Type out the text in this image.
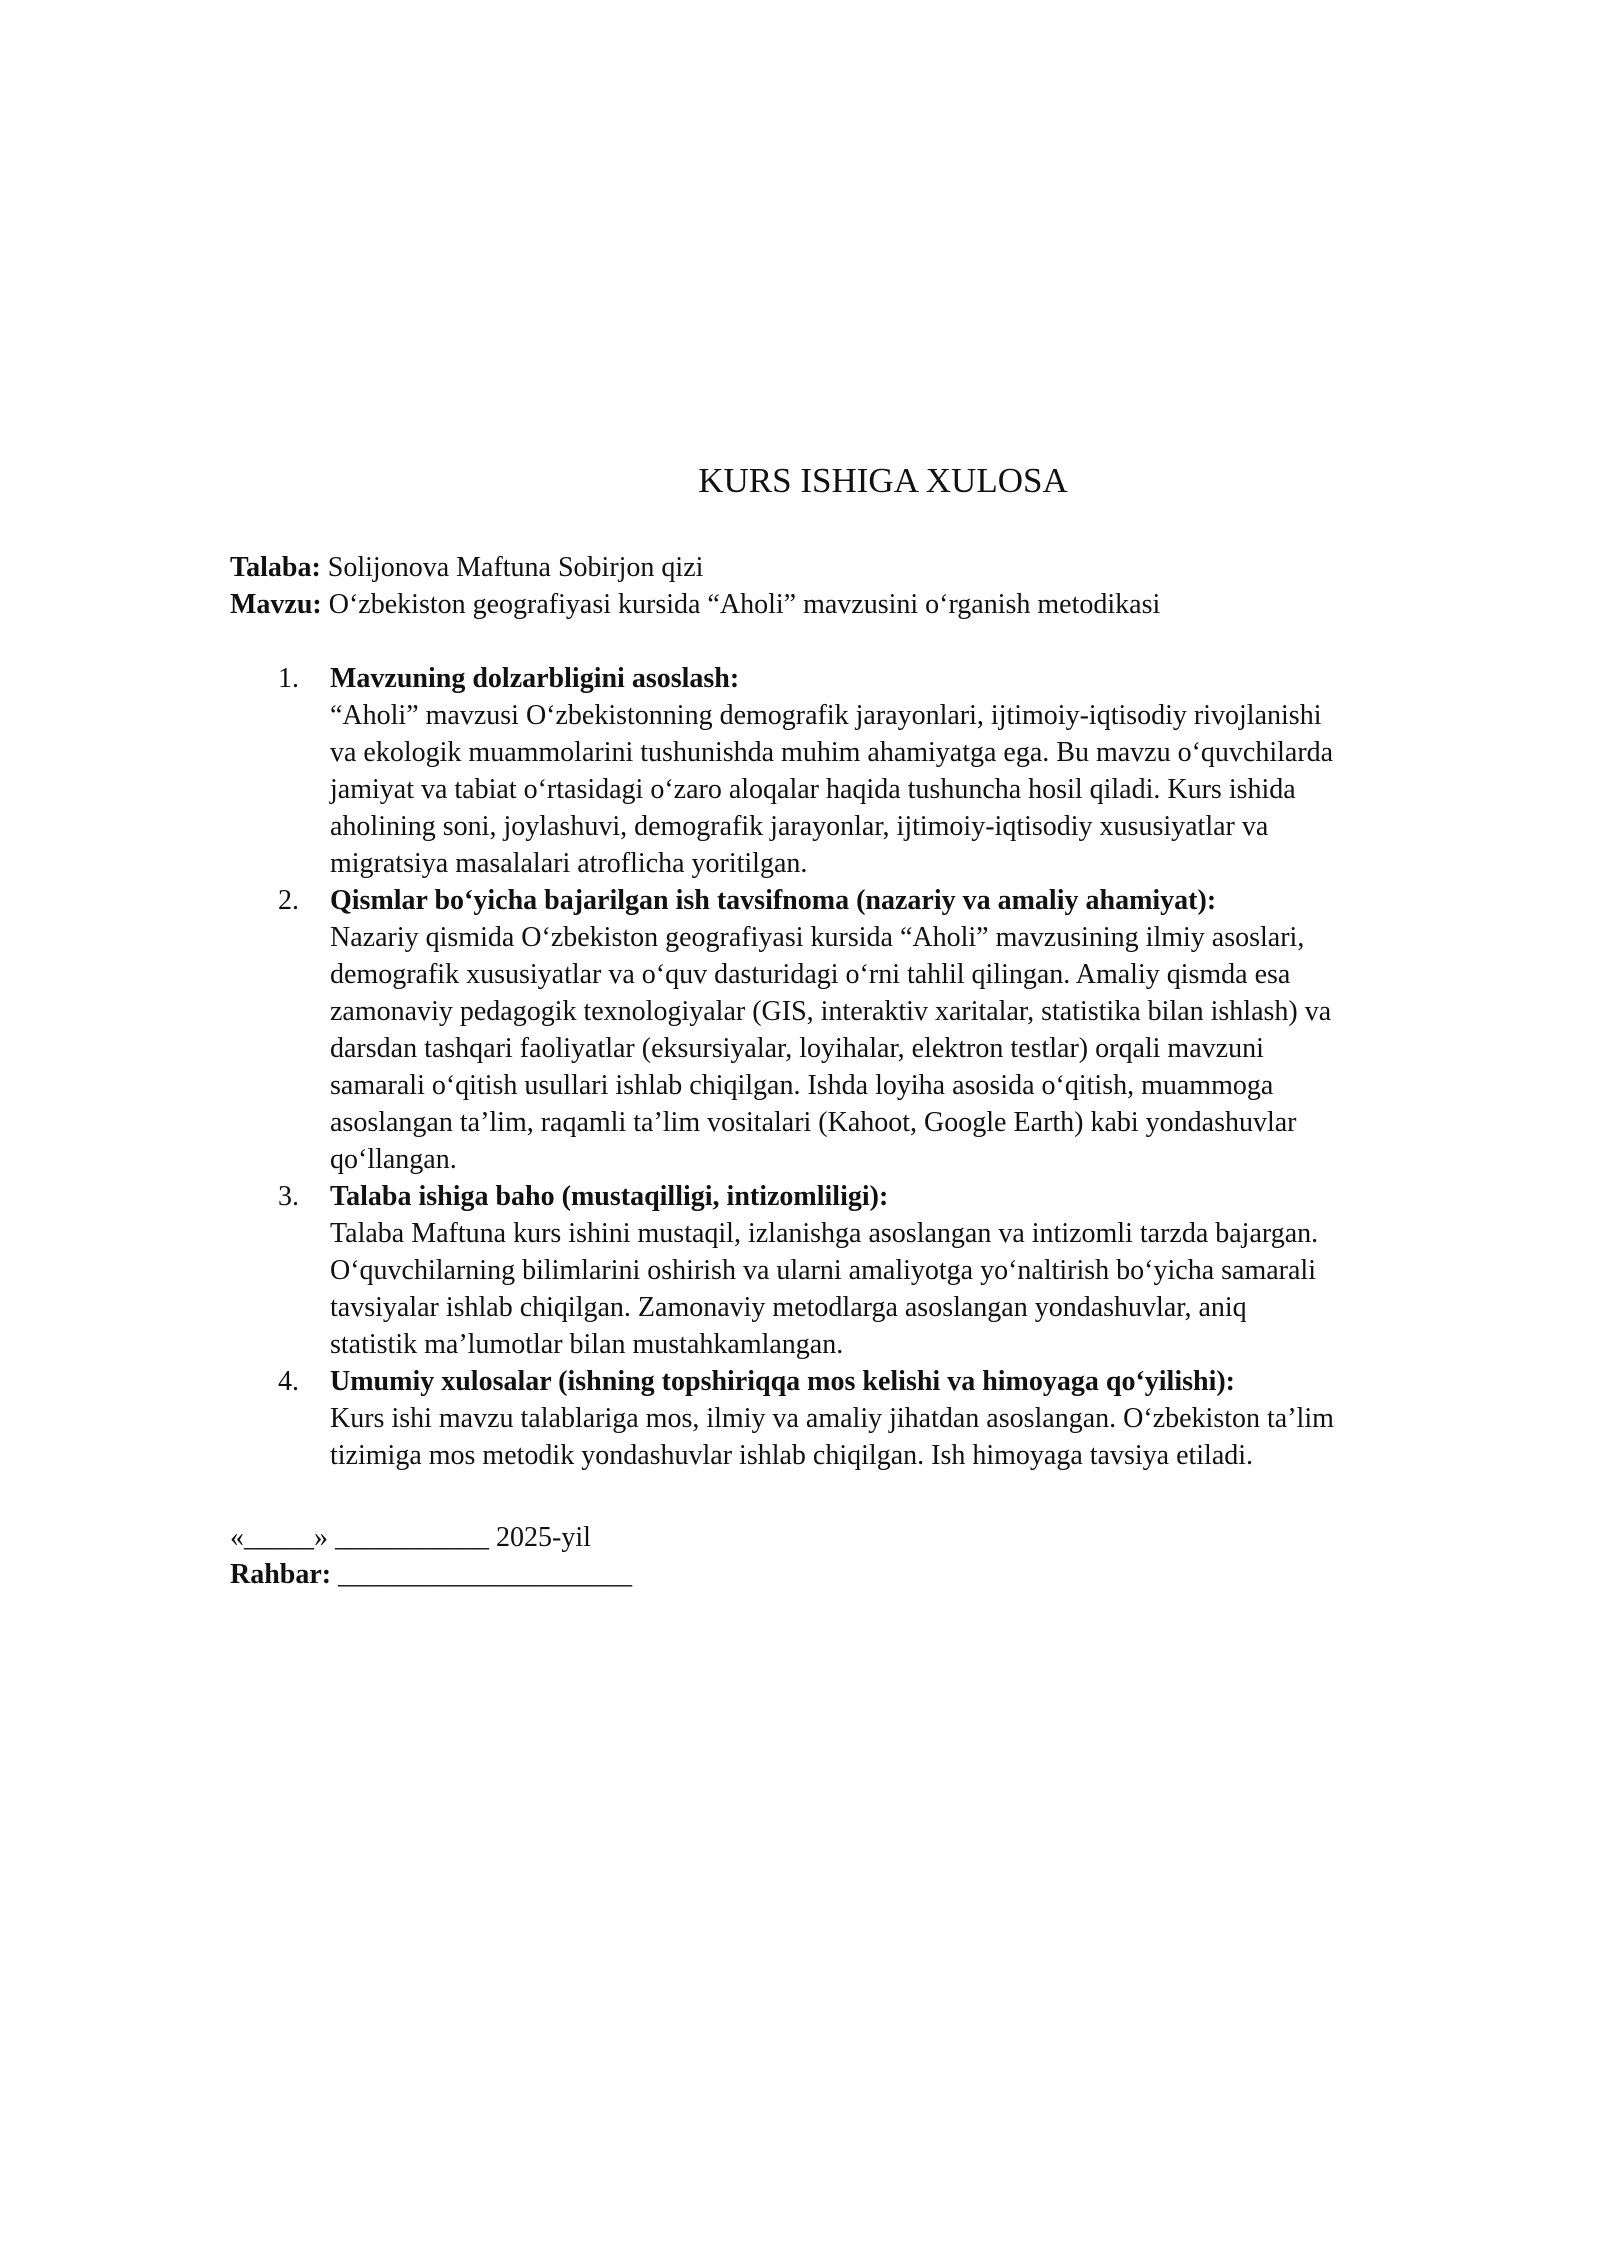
KURS ISHIGA XULOSA
Talaba: Solijonova Maftuna Sobirjon qizi
Mavzu: O‘zbekiston geografiyasi kursida “Aholi” mavzusini o‘rganish metodikasi
1. Mavzuning dolzarbligini asoslash:
“Aholi” mavzusi O‘zbekistonning demografik jarayonlari, ijtimoiy-iqtisodiy rivojlanishi
va ekologik muammolarini tushunishda muhim ahamiyatga ega. Bu mavzu o‘quvchilarda
jamiyat va tabiat o‘rtasidagi o‘zaro aloqalar haqida tushuncha hosil qiladi. Kurs ishida
aholining soni, joylashuvi, demografik jarayonlar, ijtimoiy-iqtisodiy xususiyatlar va
migratsiya masalalari atroflicha yoritilgan.
2. Qismlar bo‘yicha bajarilgan ish tavsifnoma (nazariy va amaliy ahamiyat):
Nazariy qismida O‘zbekiston geografiyasi kursida “Aholi” mavzusining ilmiy asoslari,
demografik xususiyatlar va o‘quv dasturidagi o‘rni tahlil qilingan. Amaliy qismda esa
zamonaviy pedagogik texnologiyalar (GIS, interaktiv xaritalar, statistika bilan ishlash) va
darsdan tashqari faoliyatlar (eksursiyalar, loyihalar, elektron testlar) orqali mavzuni
samarali o‘qitish usullari ishlab chiqilgan. Ishda loyiha asosida o‘qitish, muammoga
asoslangan ta’lim, raqamli ta’lim vositalari (Kahoot, Google Earth) kabi yondashuvlar
qo‘llangan.
3. Talaba ishiga baho (mustaqilligi, intizomliligi):
Talaba Maftuna kurs ishini mustaqil, izlanishga asoslangan va intizomli tarzda bajargan.
O‘quvchilarning bilimlarini oshirish va ularni amaliyotga yo‘naltirish bo‘yicha samarali
tavsiyalar ishlab chiqilgan. Zamonaviy metodlarga asoslangan yondashuvlar, aniq
statistik ma’lumotlar bilan mustahkamlangan.
4. Umumiy xulosalar (ishning topshiriqqa mos kelishi va himoyaga qo‘yilishi):
Kurs ishi mavzu talablariga mos, ilmiy va amaliy jihatdan asoslangan. O‘zbekiston ta’lim
tizimiga mos metodik yondashuvlar ishlab chiqilgan. Ish himoyaga tavsiya etiladi.
«_____» ___________ 2025-yil
Rahbar: _____________________
